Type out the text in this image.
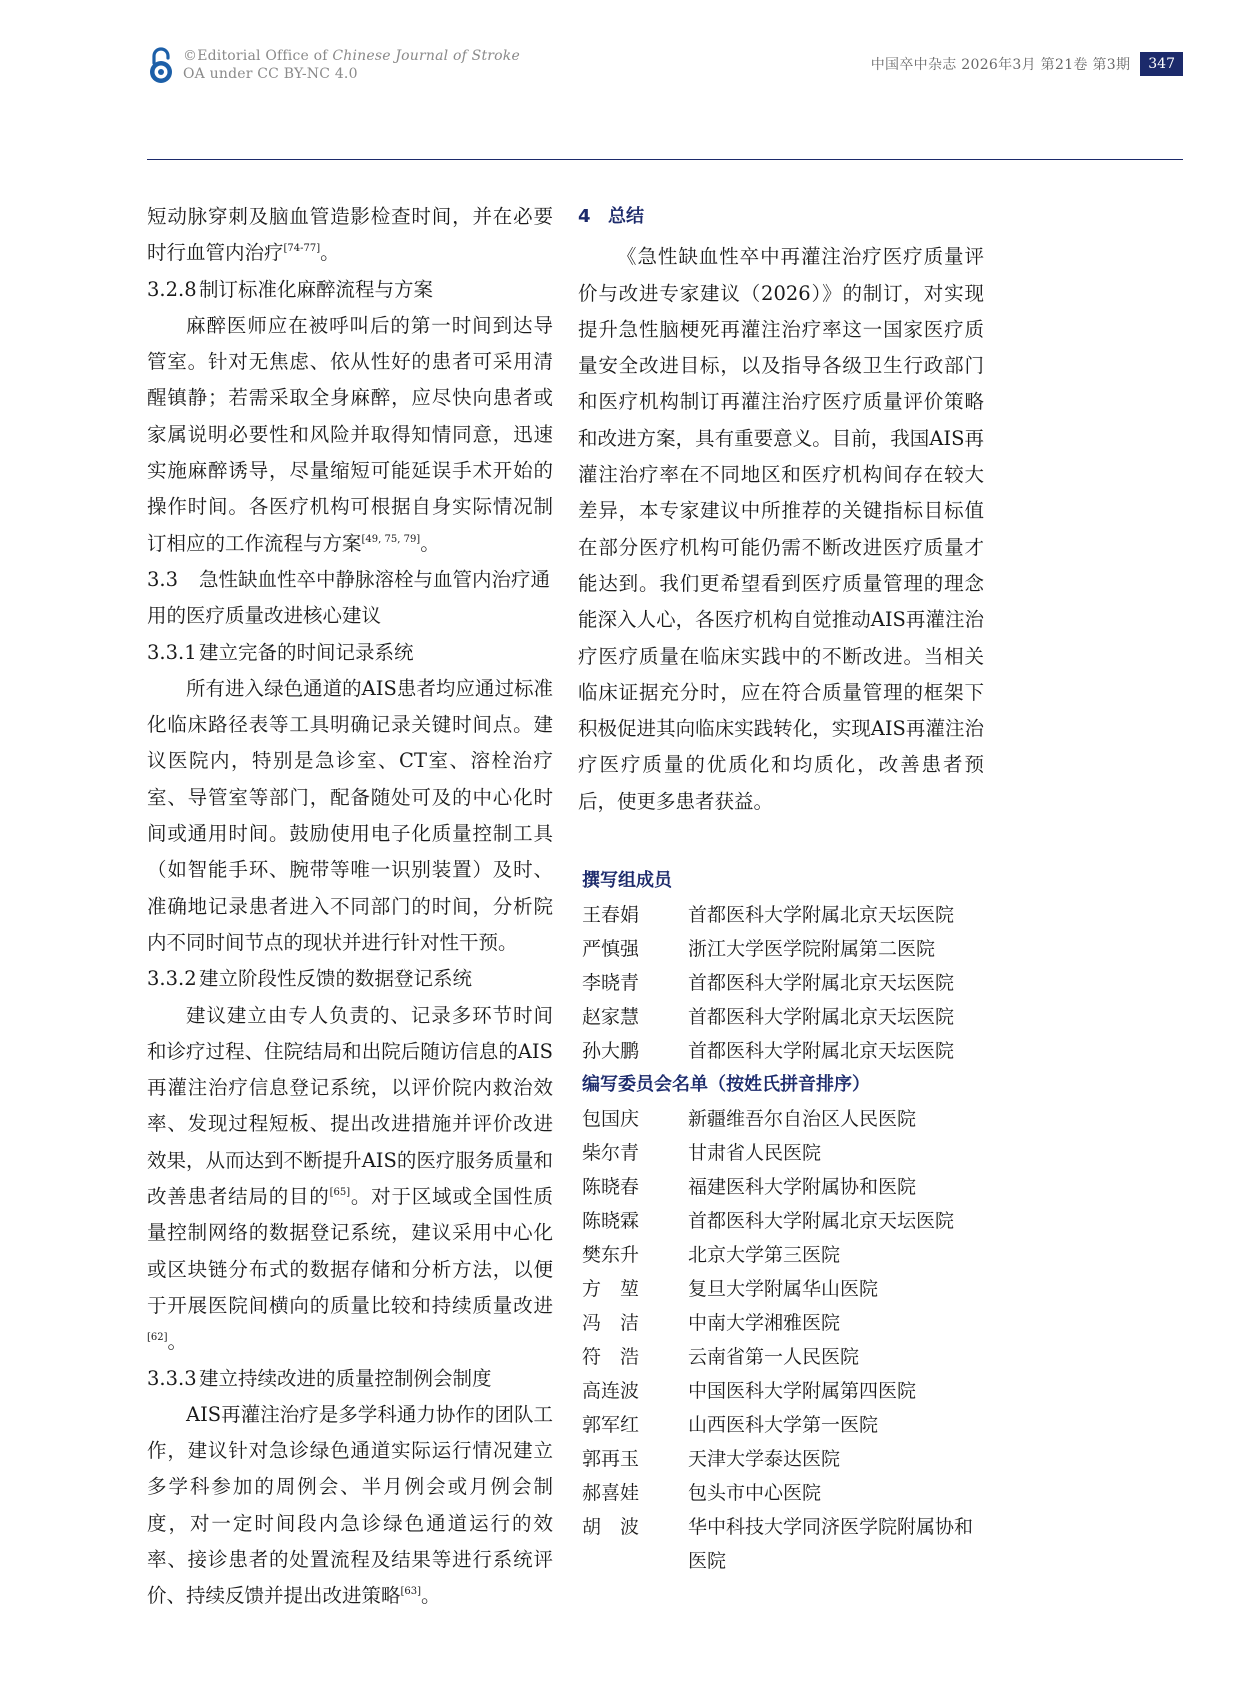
©Editorial Office of Chinese Journal of Stroke
OA under CC BY-NC 4.0
中国卒中杂志 2026年3月 第21卷 第3期	347

短动脉穿刺及脑血管造影检查时间，并在必要时行血管内治疗[74-77]。

3.2.8 制订标准化麻醉流程与方案

麻醉医师应在被呼叫后的第一时间到达导管室。针对无焦虑、依从性好的患者可采用清醒镇静；若需采取全身麻醉，应尽快向患者或家属说明必要性和风险并取得知情同意，迅速实施麻醉诱导，尽量缩短可能延误手术开始的操作时间。各医疗机构可根据自身实际情况制订相应的工作流程与方案[49, 75, 79]。

3.3 急性缺血性卒中静脉溶栓与血管内治疗通用的医疗质量改进核心建议
3.3.1 建立完备的时间记录系统

所有进入绿色通道的AIS患者均应通过标准化临床路径表等工具明确记录关键时间点。建议医院内，特别是急诊室、CT室、溶栓治疗室、导管室等部门，配备随处可及的中心化时间或通用时间。鼓励使用电子化质量控制工具（如智能手环、腕带等唯一识别装置）及时、准确地记录患者进入不同部门的时间，分析院内不同时间节点的现状并进行针对性干预。

3.3.2 建立阶段性反馈的数据登记系统

建议建立由专人负责的、记录多环节时间和诊疗过程、住院结局和出院后随访信息的AIS再灌注治疗信息登记系统，以评价院内救治效率、发现过程短板、提出改进措施并评价改进效果，从而达到不断提升AIS的医疗服务质量和改善患者结局的目的[65]。对于区域或全国性质量控制网络的数据登记系统，建议采用中心化或区块链分布式的数据存储和分析方法，以便于开展医院间横向的质量比较和持续质量改进[62]。

3.3.3 建立持续改进的质量控制例会制度

AIS再灌注治疗是多学科通力协作的团队工作，建议针对急诊绿色通道实际运行情况建立多学科参加的周例会、半月例会或月例会制度，对一定时间段内急诊绿色通道运行的效率、接诊患者的处置流程及结果等进行系统评价、持续反馈并提出改进策略[63]。

4 总结

《急性缺血性卒中再灌注治疗医疗质量评价与改进专家建议（2026）》的制订，对实现提升急性脑梗死再灌注治疗率这一国家医疗质量安全改进目标，以及指导各级卫生行政部门和医疗机构制订再灌注治疗医疗质量评价策略和改进方案，具有重要意义。目前，我国AIS再灌注治疗率在不同地区和医疗机构间存在较大差异，本专家建议中所推荐的关键指标目标值在部分医疗机构可能仍需不断改进医疗质量才能达到。我们更希望看到医疗质量管理的理念能深入人心，各医疗机构自觉推动AIS再灌注治疗医疗质量在临床实践中的不断改进。当相关临床证据充分时，应在符合质量管理的框架下积极促进其向临床实践转化，实现AIS再灌注治疗医疗质量的优质化和均质化，改善患者预后，使更多患者获益。

撰写组成员
王春娟	首都医科大学附属北京天坛医院
严慎强	浙江大学医学院附属第二医院
李晓青	首都医科大学附属北京天坛医院
赵家慧	首都医科大学附属北京天坛医院
孙大鹏	首都医科大学附属北京天坛医院
编写委员会名单（按姓氏拼音排序）
包国庆	新疆维吾尔自治区人民医院
柴尔青	甘肃省人民医院
陈晓春	福建医科大学附属协和医院
陈晓霖	首都医科大学附属北京天坛医院
樊东升	北京大学第三医院
方　堃	复旦大学附属华山医院
冯　洁	中南大学湘雅医院
符　浩	云南省第一人民医院
高连波	中国医科大学附属第四医院
郭军红	山西医科大学第一医院
郭再玉	天津大学泰达医院
郝喜娃	包头市中心医院
胡　波	华中科技大学同济医学院附属协和医院
